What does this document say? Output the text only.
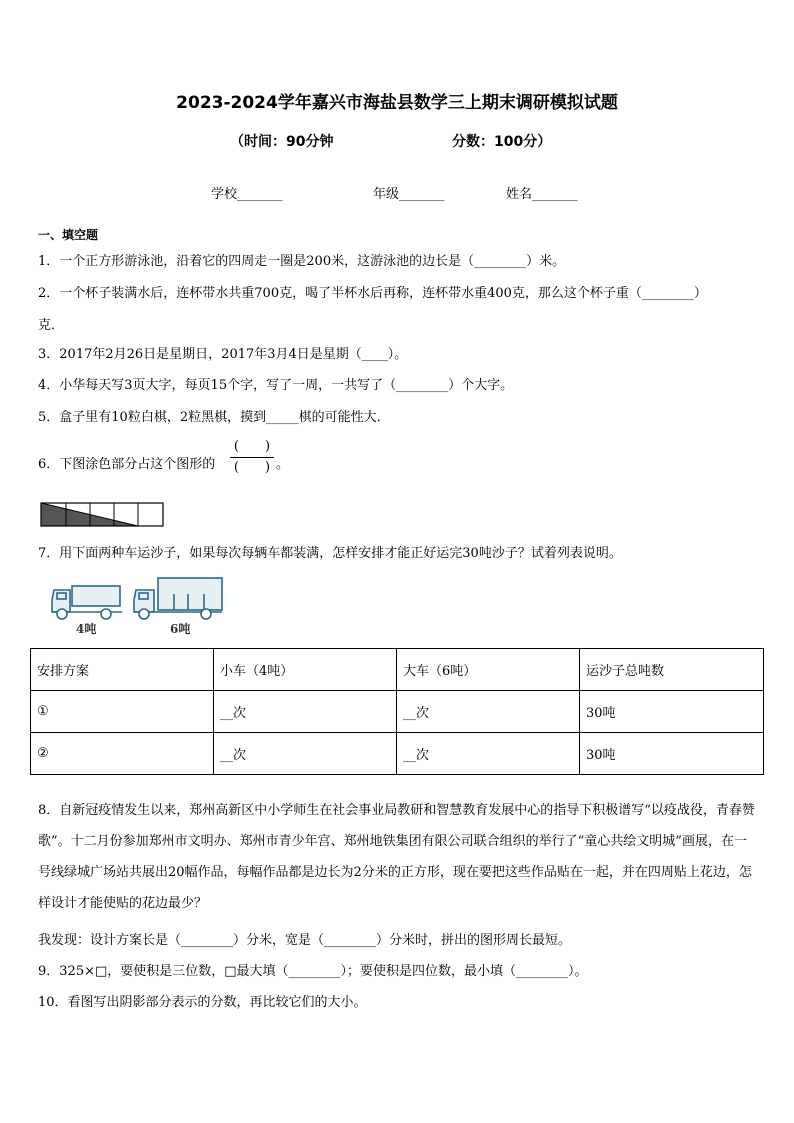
2023-2024学年嘉兴市海盐县数学三上期末调研模拟试题
（时间：90分钟	分数：100分）
学校_______	年级_______	姓名_______
一、填空题
1．一个正方形游泳池，沿着它的四周走一圈是200米，这游泳池的边长是（________）米。
2．一个杯子装满水后，连杯带水共重700克，喝了半杯水后再称，连杯带水重400克，那么这个杯子重（________）
克．
3．2017年2月26日是星期日，2017年3月4日是星期（____）。
4．小华每天写3页大字，每页15个字，写了一周，一共写了（________）个大字。
5．盒子里有10粒白棋，2粒黑棋，摸到_____棋的可能性大．
6．下图涂色部分占这个图形的
(　　)
(　　) 。
7．用下面两种车运沙子，如果每次每辆车都装满，怎样安排才能正好运完30吨沙子？试着列表说明。
4吨	6吨
安排方案	小车（4吨）	大车（6吨）	运沙子总吨数
①	__次	__次	30吨
②	__次	__次	30吨
8．自新冠疫情发生以来，郑州高新区中小学师生在社会事业局教研和智慧教育发展中心的指导下积极谱写“以疫战役，青春赞歌”。十二月份参加郑州市文明办、郑州市青少年宫、郑州地铁集团有限公司联合组织的举行了“童心共绘文明城”画展，在一号线绿城广场站共展出20幅作品，每幅作品都是边长为2分米的正方形，现在要把这些作品贴在一起，并在四周贴上花边，怎样设计才能使贴的花边最少？
我发现：设计方案长是（________）分米，宽是（________）分米时，拼出的图形周长最短。
9．325×□，要使积是三位数，□最大填（________）；要使积是四位数，最小填（________）。
10．看图写出阴影部分表示的分数，再比较它们的大小。
